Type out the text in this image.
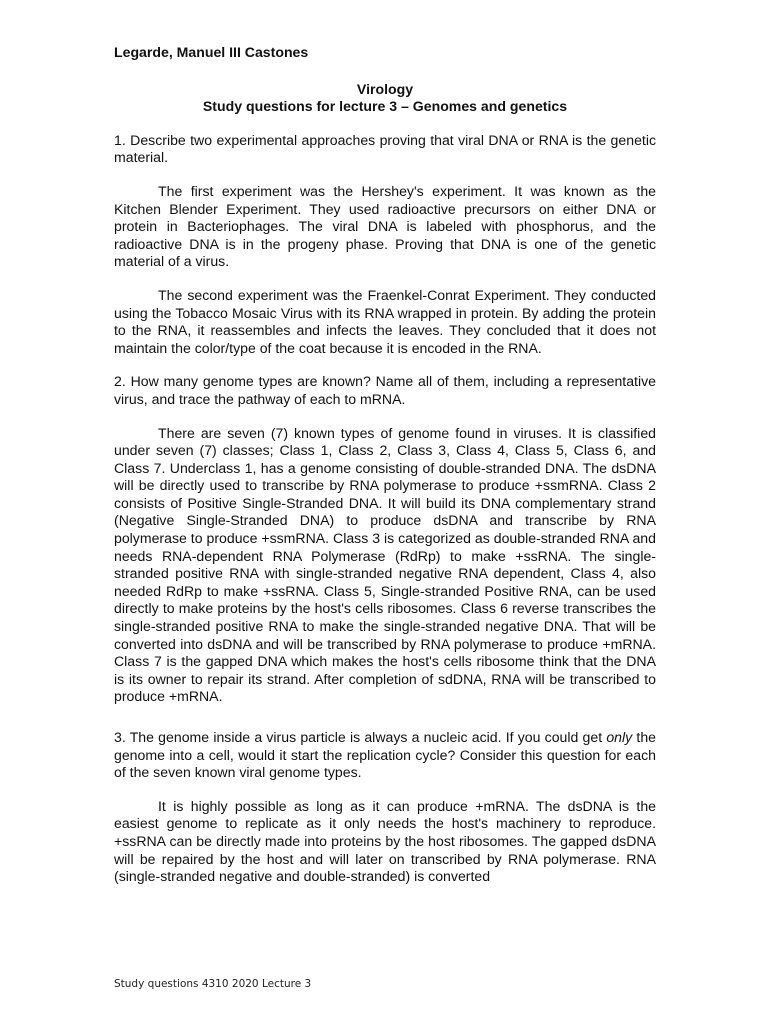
Legarde, Manuel III Castones

Virology

Study questions for lecture 3 – Genomes and genetics

1. Describe two experimental approaches proving that viral DNA or RNA is the genetic material.

The first experiment was the Hershey's experiment. It was known as the Kitchen Blender Experiment. They used radioactive precursors on either DNA or protein in Bacteriophages. The viral DNA is labeled with phosphorus, and the radioactive DNA is in the progeny phase. Proving that DNA is one of the genetic material of a virus.

The second experiment was the Fraenkel-Conrat Experiment. They conducted using the Tobacco Mosaic Virus with its RNA wrapped in protein. By adding the protein to the RNA, it reassembles and infects the leaves. They concluded that it does not maintain the color/type of the coat because it is encoded in the RNA.

2. How many genome types are known? Name all of them, including a representative virus, and trace the pathway of each to mRNA.

There are seven (7) known types of genome found in viruses. It is classified under seven (7) classes; Class 1, Class 2, Class 3, Class 4, Class 5, Class 6, and Class 7. Underclass 1, has a genome consisting of double-stranded DNA. The dsDNA will be directly used to transcribe by RNA polymerase to produce +ssmRNA. Class 2 consists of Positive Single-Stranded DNA. It will build its DNA complementary strand (Negative Single-Stranded DNA) to produce dsDNA and transcribe by RNA polymerase to produce +ssmRNA. Class 3 is categorized as double-stranded RNA and needs RNA-dependent RNA Polymerase (RdRp) to make +ssRNA. The single-stranded positive RNA with single-stranded negative RNA dependent, Class 4, also needed RdRp to make +ssRNA. Class 5, Single-stranded Positive RNA, can be used directly to make proteins by the host's cells ribosomes. Class 6 reverse transcribes the single-stranded positive RNA to make the single-stranded negative DNA. That will be converted into dsDNA and will be transcribed by RNA polymerase to produce +mRNA. Class 7 is the gapped DNA which makes the host's cells ribosome think that the DNA is its owner to repair its strand. After completion of sdDNA, RNA will be transcribed to produce +mRNA.

3. The genome inside a virus particle is always a nucleic acid. If you could get only the genome into a cell, would it start the replication cycle? Consider this question for each of the seven known viral genome types.

It is highly possible as long as it can produce +mRNA. The dsDNA is the easiest genome to replicate as it only needs the host's machinery to reproduce. +ssRNA can be directly made into proteins by the host ribosomes. The gapped dsDNA will be repaired by the host and will later on transcribed by RNA polymerase. RNA (single-stranded negative and double-stranded) is converted

Study questions 4310 2020 Lecture 3
